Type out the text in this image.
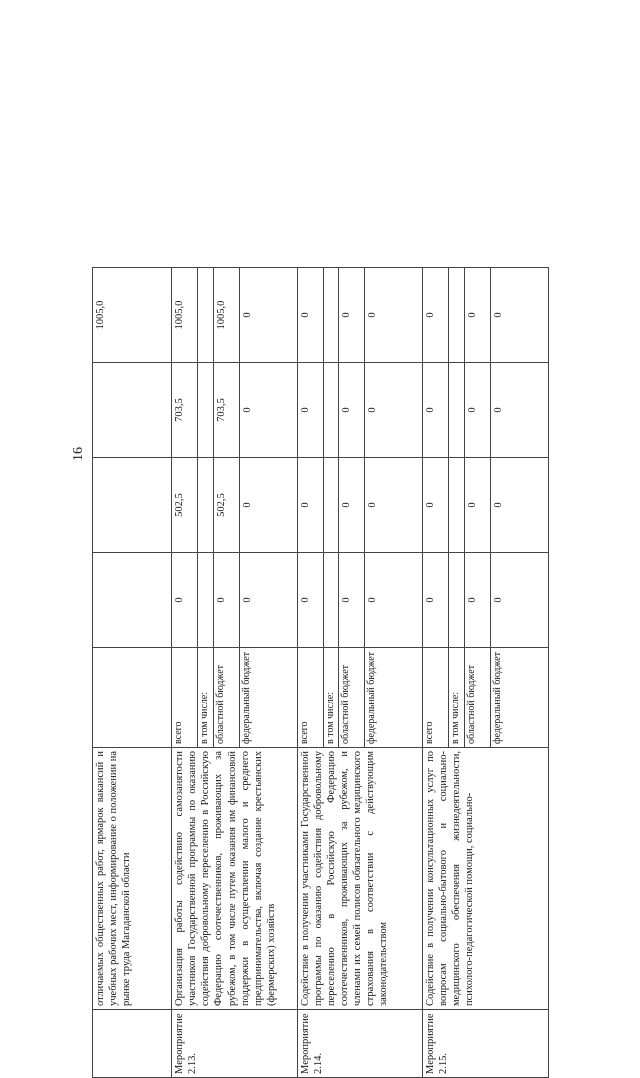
16
	отличаемых общественных работ, ярмарок вакансий и учебных рабочих мест, информирование о положении на рынке труда Магаданской области					1005,0
Мероприятие 2.13.	Организация работы содействию самозанятости участников Государственной программы по оказанию содействия добровольному переселению в Российскую Федерацию соотечественников, проживающих за рубежом, в том числе путем оказания им финансовой поддержки в осуществлении малого и среднего предпринимательства, включая создание крестьянских (фермерских) хозяйств	всего	0	502,5	703,5	1005,0
		в том числе:				
		областной бюджет	0	502,5	703,5	1005,0
		федеральный бюджет	0	0	0	0
Мероприятие 2.14.	Содействие в получении участниками Государственной программы по оказанию содействия добровольному переселению в Российскую Федерацию соотечественников, проживающих за рубежом, и членами их семей полисов обязательного медицинского страхования в соответствии с действующим законодательством	всего	0	0	0	0
		в том числе:				
		областной бюджет	0	0	0	0
		федеральный бюджет	0	0	0	0
Мероприятие 2.15.	Содействие в получении консультационных услуг по вопросам социально-бытового и социально-медицинского обеспечения жизнедеятельности, психолого-педагогической помощи, социально-	всего	0	0	0	0
		в том числе:				
		областной бюджет	0	0	0	0
		федеральный бюджет	0	0	0	0
